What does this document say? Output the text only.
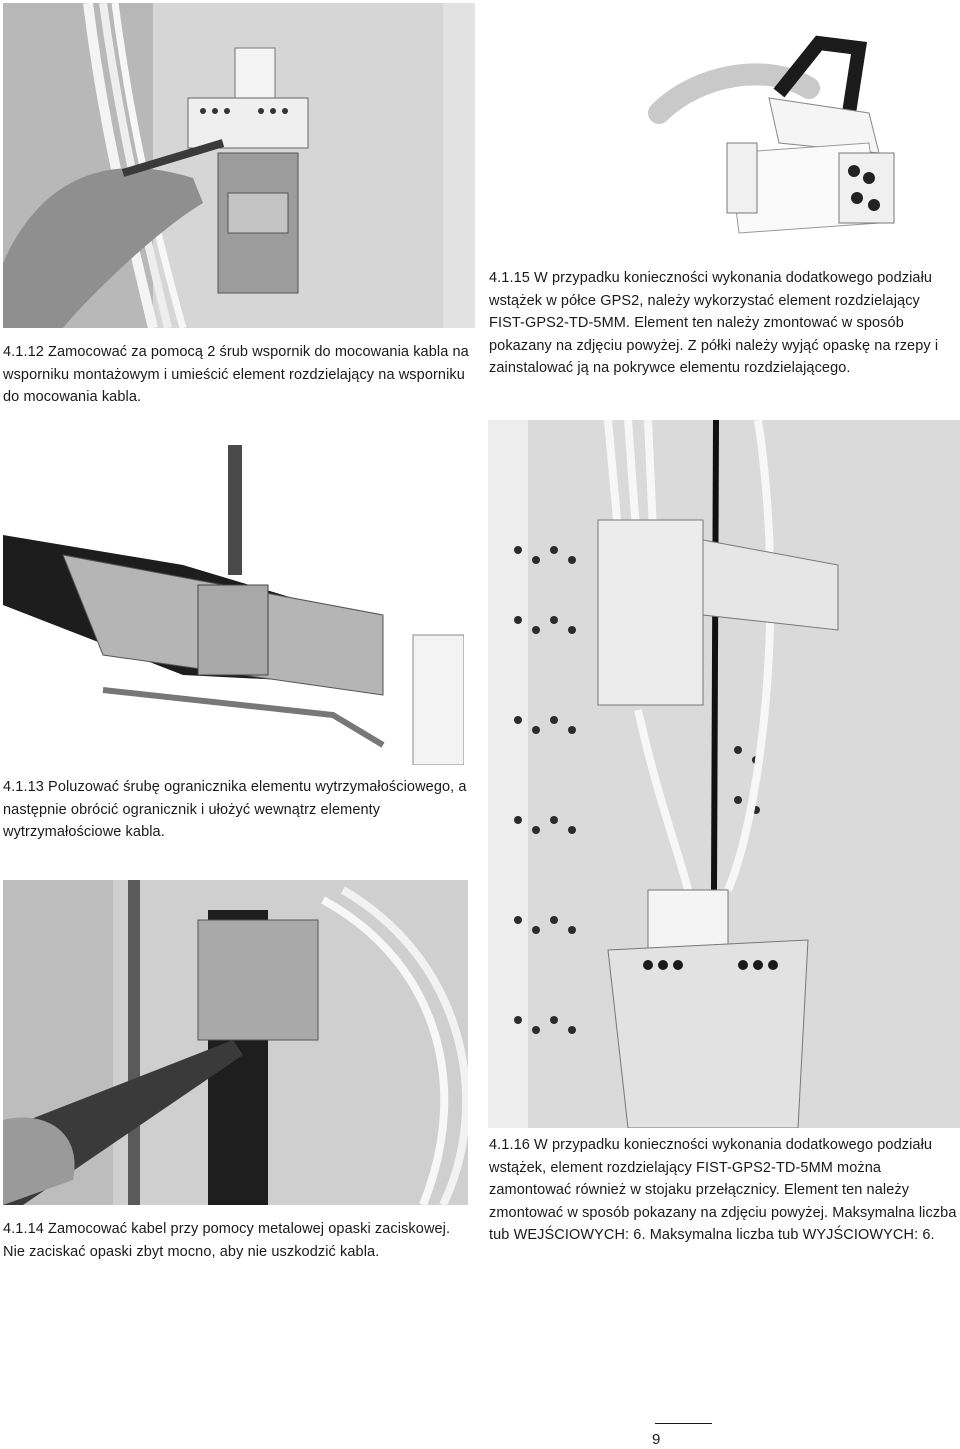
4.1.12 Zamocować za pomocą 2 śrub wspornik do mocowania kabla na wsporniku montażowym i umieścić element rozdzielający na wsporniku do mocowania kabla.
4.1.15 W przypadku konieczności wykonania dodatkowego podziału wstążek w półce GPS2, należy wykorzystać element rozdzielający FIST-GPS2-TD-5MM. Element ten należy zmontować w sposób pokazany na zdjęciu powyżej. Z półki należy wyjąć opaskę na rzepy i zainstalować ją na pokrywce elementu rozdzielającego.
4.1.13 Poluzować śrubę ogranicznika elementu wytrzymałościowego, a następnie obrócić ogranicznik i ułożyć wewnątrz elementy wytrzymałościowe kabla.
4.1.14 Zamocować kabel przy pomocy metalowej opaski zaciskowej. Nie zaciskać opaski zbyt mocno, aby nie uszkodzić kabla.
4.1.16 W przypadku konieczności wykonania dodatkowego podziału wstążek, element rozdzielający FIST-GPS2-TD-5MM można zamontować również w stojaku przełącznicy. Element ten należy zmontować w sposób pokazany na zdjęciu powyżej. Maksymalna liczba tub WEJŚCIOWYCH: 6. Maksymalna liczba tub WYJŚCIOWYCH: 6.
9
